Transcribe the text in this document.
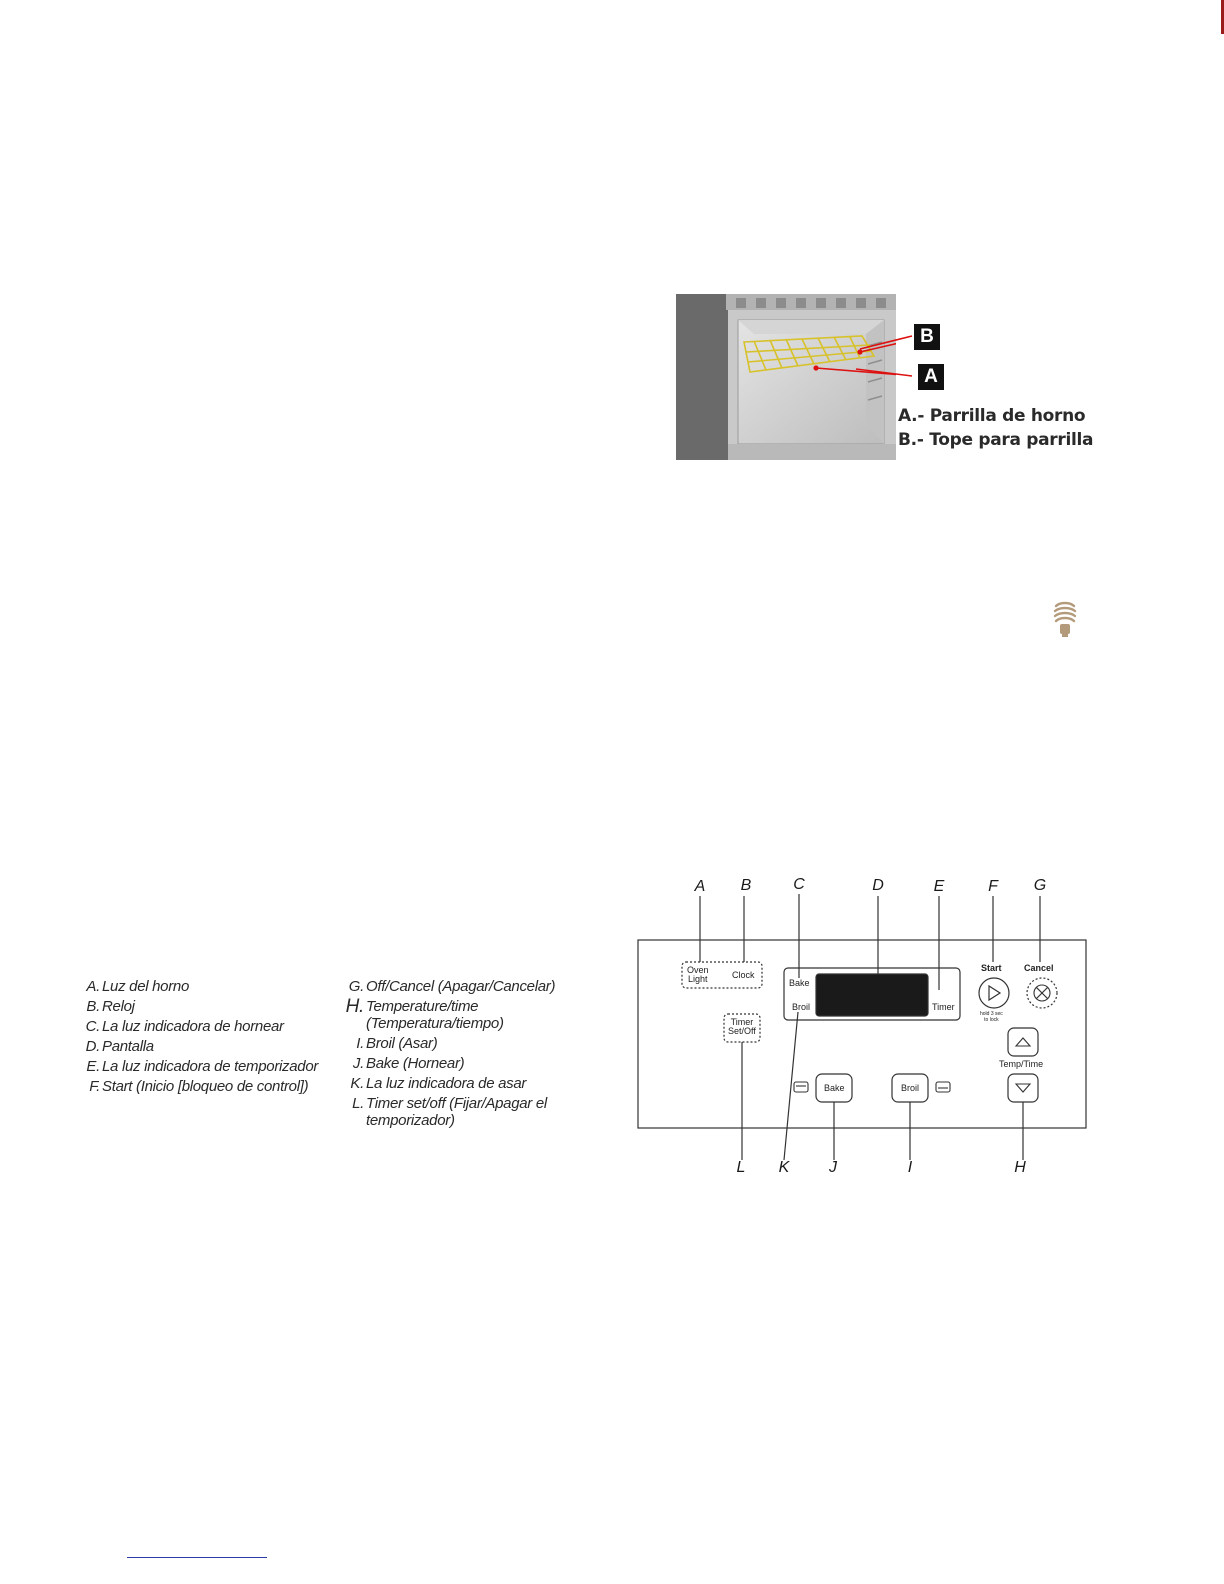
B
A
A.- Parrilla de horno
B.- Tope para parrilla
A B	C	D	E	F	G
L	K	J	I	H
Oven
Light	Clock
Bake
Broil	Timer
Start Cancel
hold 3 sec
to lock
Timer
Set/Off
Temp/Time
Bake	Broil
A. Luz del horno
B. Reloj
C. La luz indicadora de hornear
D. Pantalla
E. La luz indicadora de temporizador
F. Start (Inicio [bloqueo de control])
G. Off/Cancel (Apagar/Cancelar)
H. Temperature/time (Temperatura/tiempo)
I. Broil (Asar)
J. Bake (Hornear)
K. La luz indicadora de asar
L. Timer set/off (Fijar/Apagar el temporizador)
